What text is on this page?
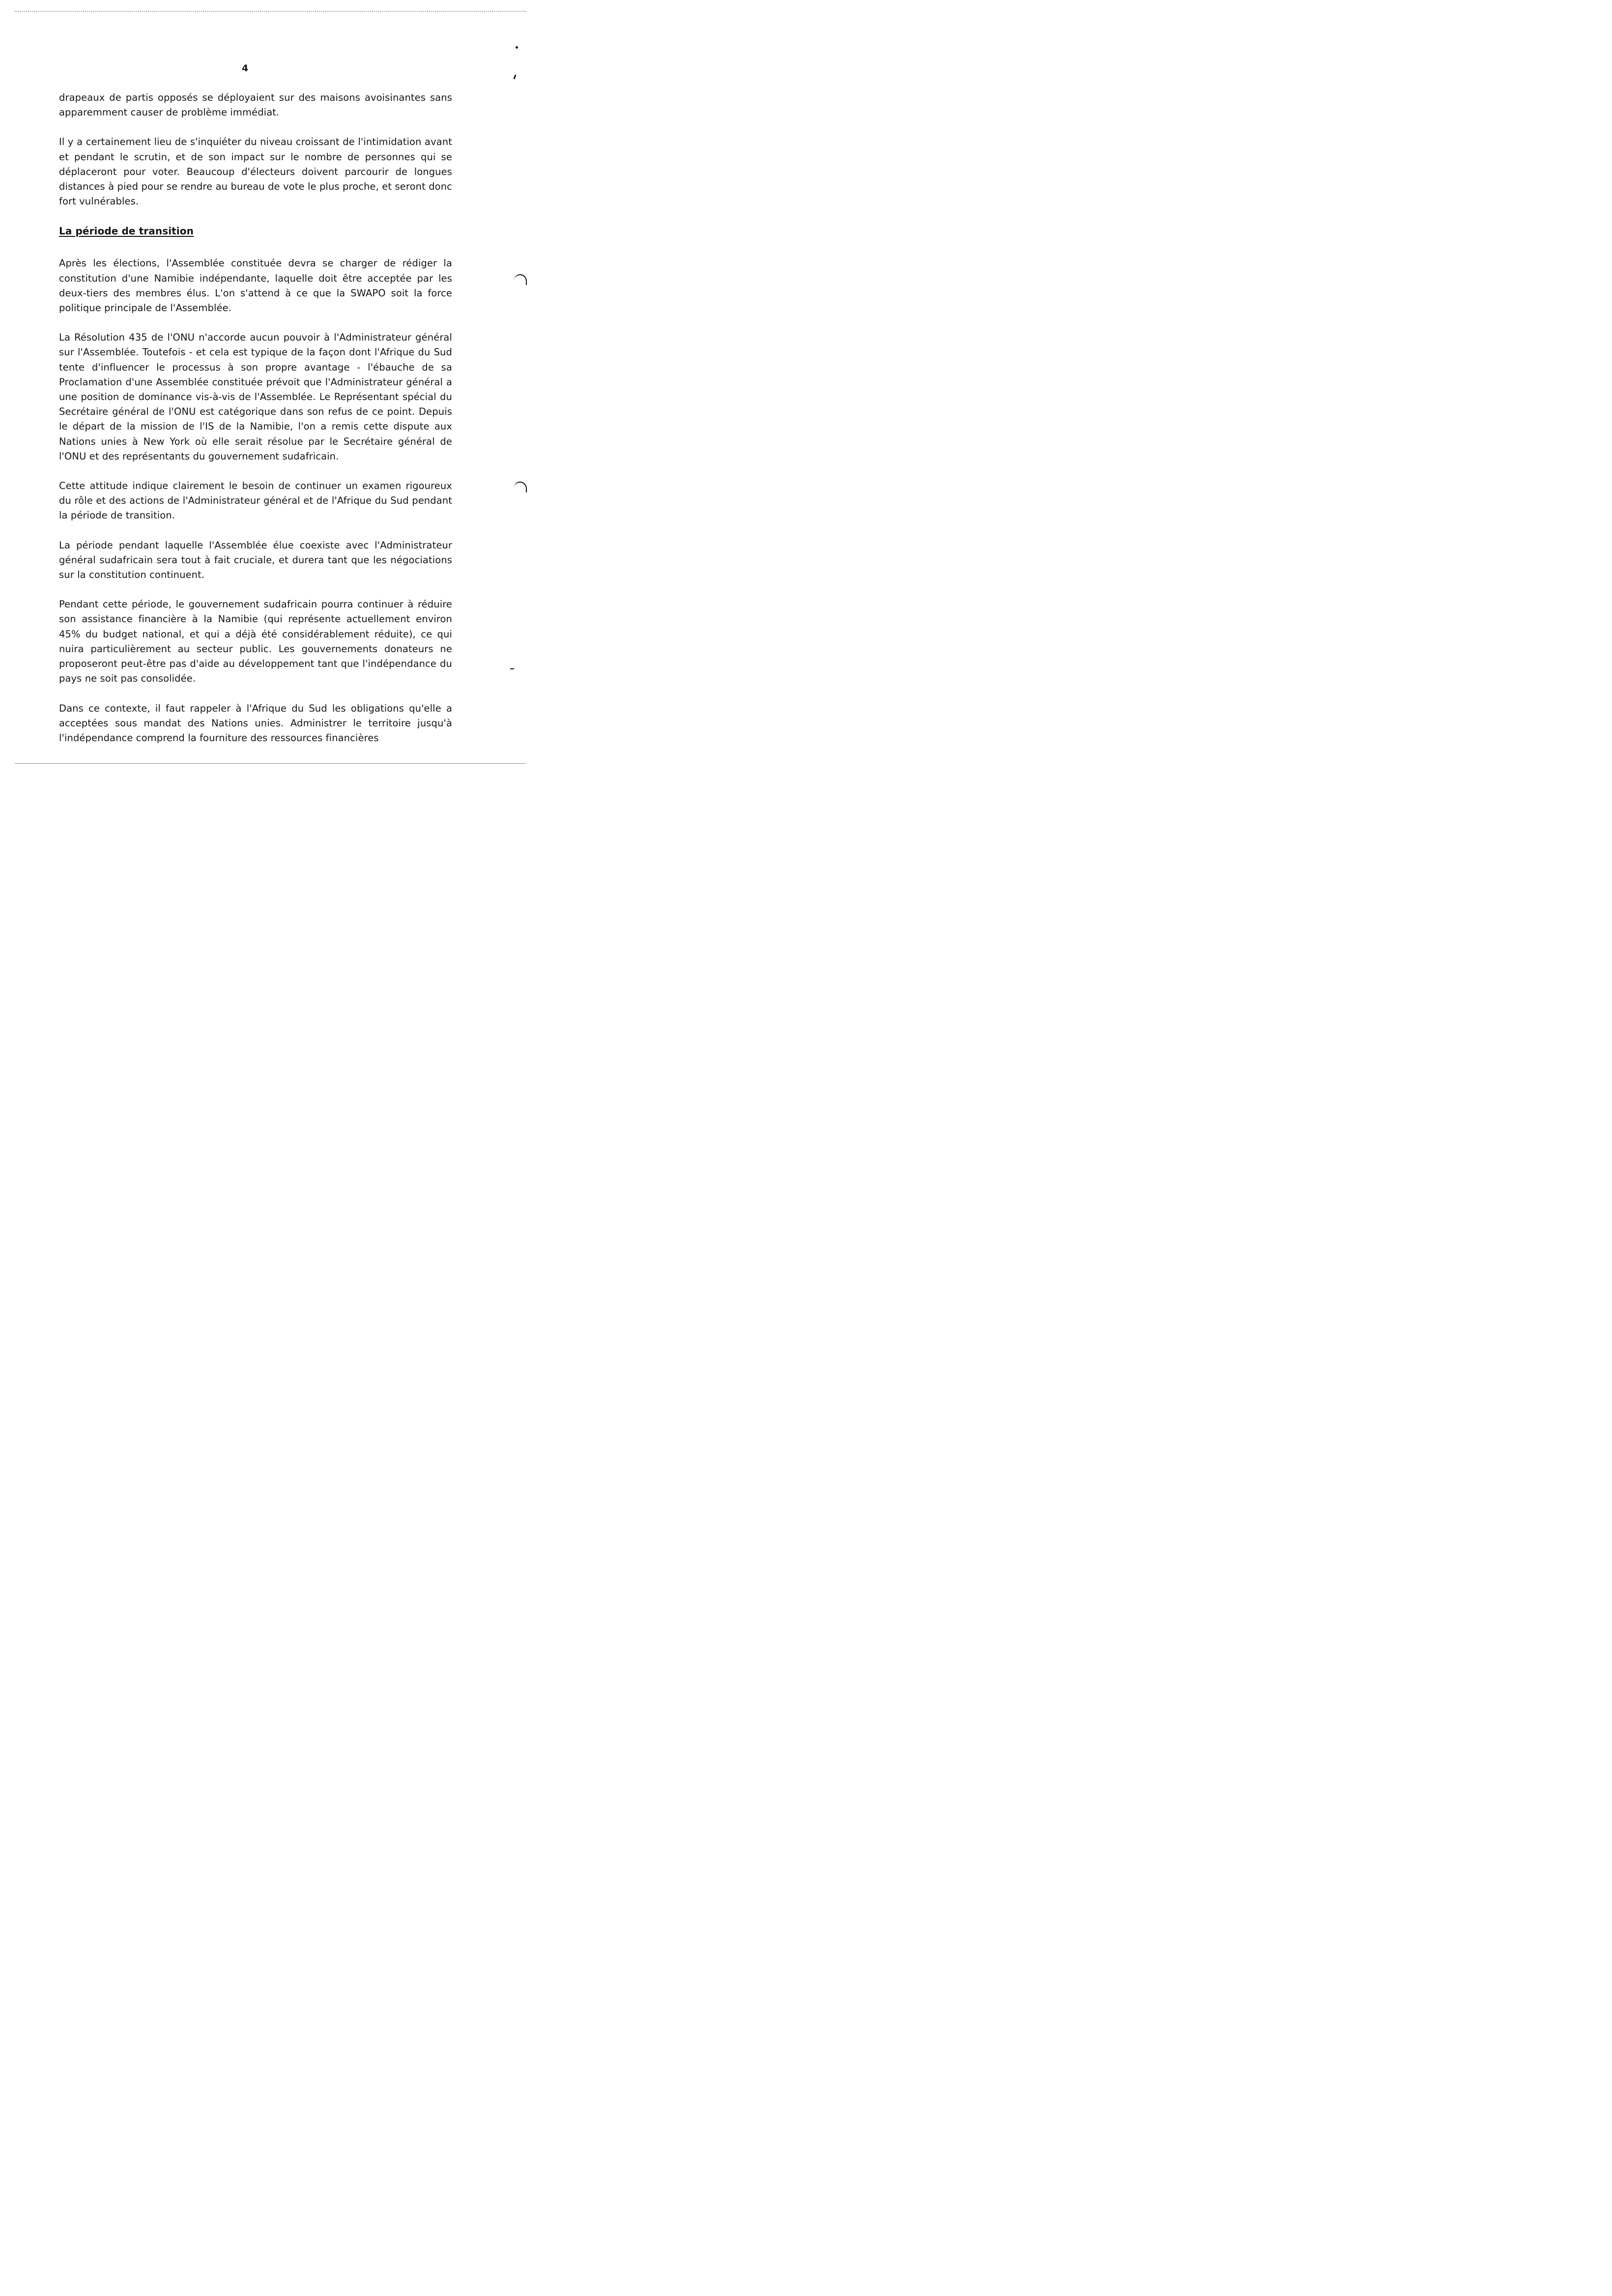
4

drapeaux de partis opposés se déployaient sur des maisons avoisinantes sans apparemment causer de problème immédiat.

Il y a certainement lieu de s'inquiéter du niveau croissant de l'intimidation avant et pendant le scrutin, et de son impact sur le nombre de personnes qui se déplaceront pour voter. Beaucoup d'électeurs doivent parcourir de longues distances à pied pour se rendre au bureau de vote le plus proche, et seront donc fort vulnérables.

La période de transition

Après les élections, l'Assemblée constituée devra se charger de rédiger la constitution d'une Namibie indépendante, laquelle doit être acceptée par les deux-tiers des membres élus. L'on s'attend à ce que la SWAPO soit la force politique principale de l'Assemblée.

La Résolution 435 de l'ONU n'accorde aucun pouvoir à l'Administrateur général sur l'Assemblée. Toutefois - et cela est typique de la façon dont l'Afrique du Sud tente d'influencer le processus à son propre avantage - l'ébauche de sa Proclamation d'une Assemblée constituée prévoit que l'Administrateur général a une position de dominance vis-à-vis de l'Assemblée. Le Représentant spécial du Secrétaire général de l'ONU est catégorique dans son refus de ce point. Depuis le départ de la mission de l'IS de la Namibie, l'on a remis cette dispute aux Nations unies à New York où elle serait résolue par le Secrétaire général de l'ONU et des représentants du gouvernement sudafricain.

Cette attitude indique clairement le besoin de continuer un examen rigoureux du rôle et des actions de l'Administrateur général et de l'Afrique du Sud pendant la période de transition.

La période pendant laquelle l'Assemblée élue coexiste avec l'Administrateur général sudafricain sera tout à fait cruciale, et durera tant que les négociations sur la constitution continuent.

Pendant cette période, le gouvernement sudafricain pourra continuer à réduire son assistance financière à la Namibie (qui représente actuellement environ 45% du budget national, et qui a déjà été considérablement réduite), ce qui nuira particulièrement au secteur public. Les gouvernements donateurs ne proposeront peut-être pas d'aide au développement tant que l'indépendance du pays ne soit pas consolidée.

Dans ce contexte, il faut rappeler à l'Afrique du Sud les obligations qu'elle a acceptées sous mandat des Nations unies. Administrer le territoire jusqu'à l'indépendance comprend la fourniture des ressources financières
